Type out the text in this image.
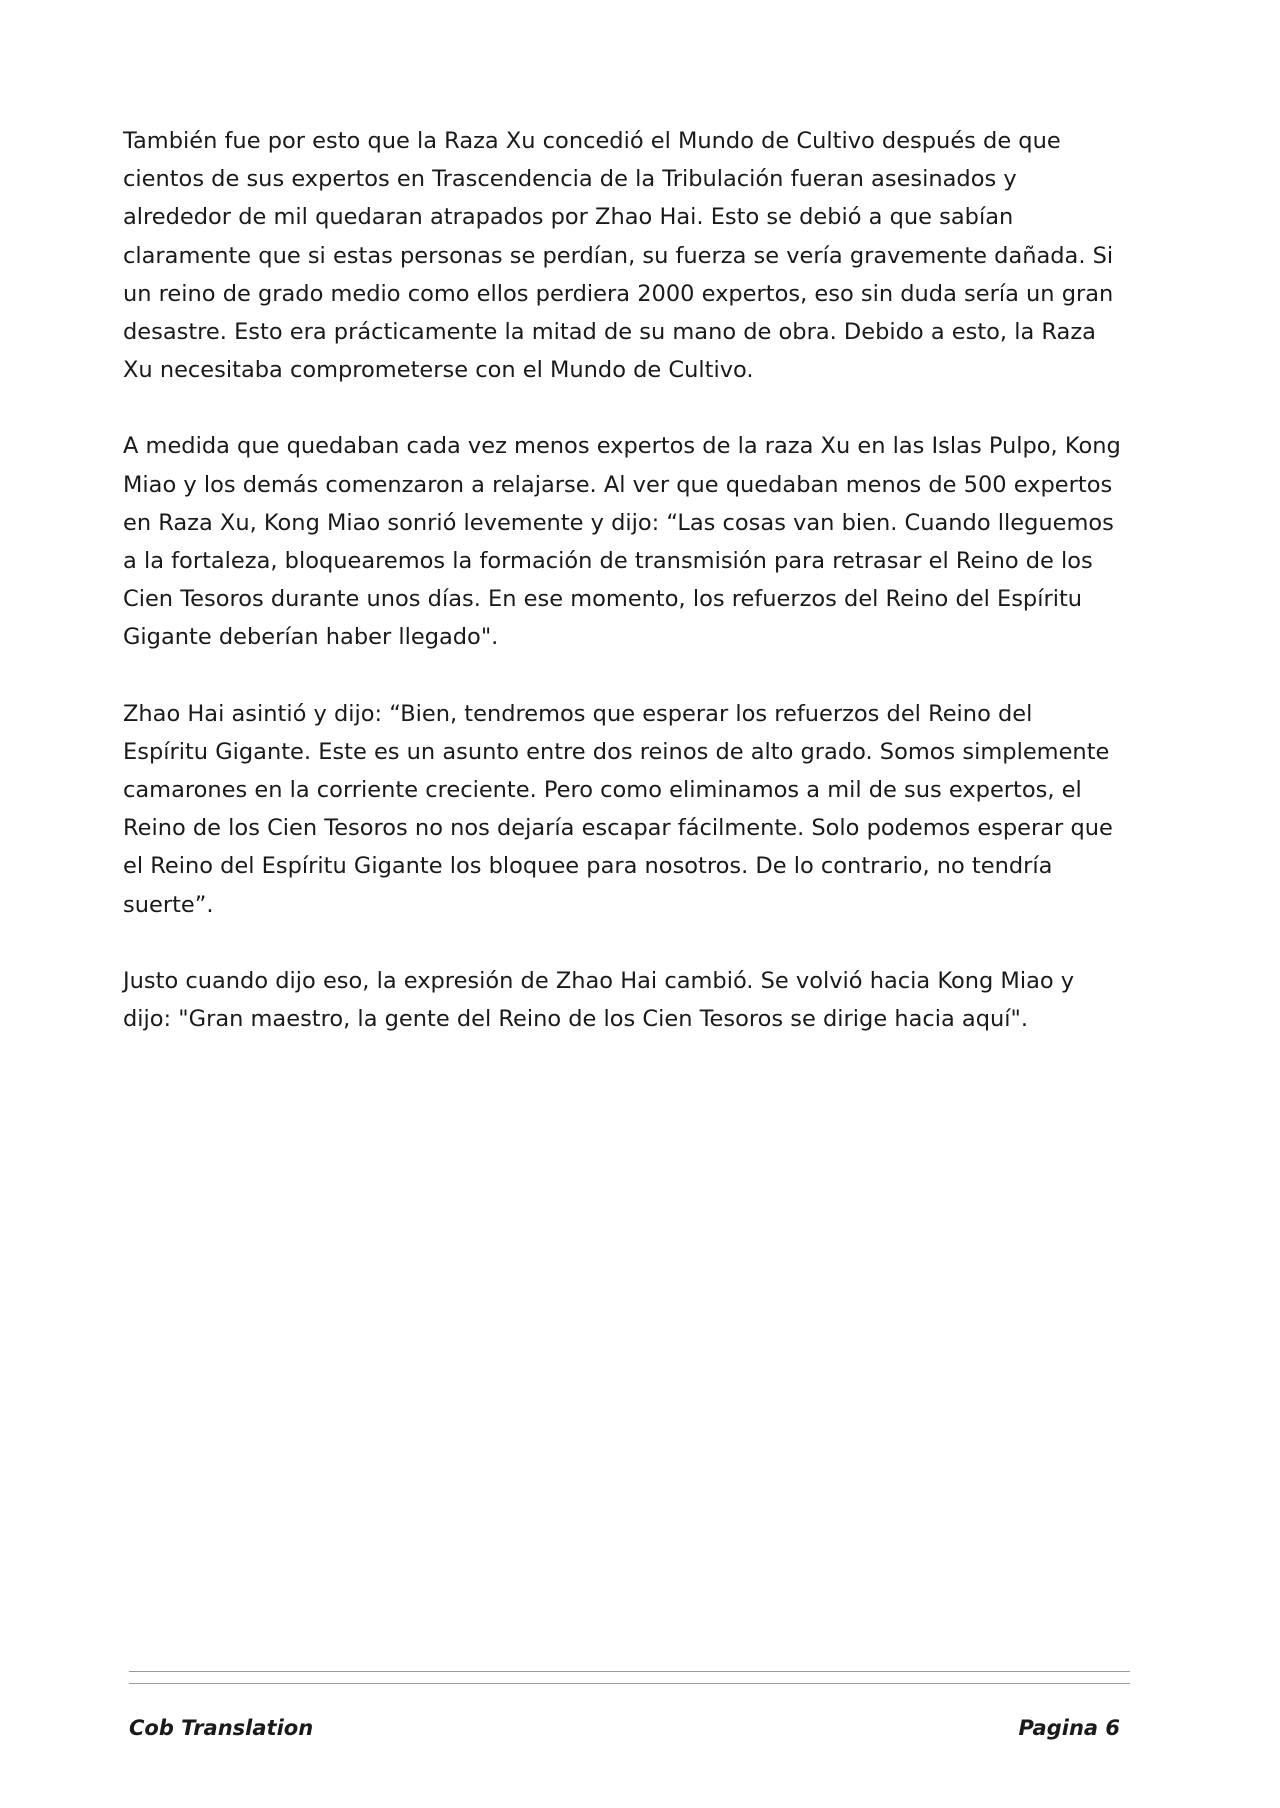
También fue por esto que la Raza Xu concedió el Mundo de Cultivo después de que cientos de sus expertos en Trascendencia de la Tribulación fueran asesinados y alrededor de mil quedaran atrapados por Zhao Hai. Esto se debió a que sabían claramente que si estas personas se perdían, su fuerza se vería gravemente dañada. Si un reino de grado medio como ellos perdiera 2000 expertos, eso sin duda sería un gran desastre. Esto era prácticamente la mitad de su mano de obra. Debido a esto, la Raza Xu necesitaba comprometerse con el Mundo de Cultivo.

A medida que quedaban cada vez menos expertos de la raza Xu en las Islas Pulpo, Kong Miao y los demás comenzaron a relajarse. Al ver que quedaban menos de 500 expertos en Raza Xu, Kong Miao sonrió levemente y dijo: “Las cosas van bien. Cuando lleguemos a la fortaleza, bloquearemos la formación de transmisión para retrasar el Reino de los Cien Tesoros durante unos días. En ese momento, los refuerzos del Reino del Espíritu Gigante deberían haber llegado".

Zhao Hai asintió y dijo: “Bien, tendremos que esperar los refuerzos del Reino del Espíritu Gigante. Este es un asunto entre dos reinos de alto grado. Somos simplemente camarones en la corriente creciente. Pero como eliminamos a mil de sus expertos, el Reino de los Cien Tesoros no nos dejaría escapar fácilmente. Solo podemos esperar que el Reino del Espíritu Gigante los bloquee para nosotros. De lo contrario, no tendría suerte”.

Justo cuando dijo eso, la expresión de Zhao Hai cambió. Se volvió hacia Kong Miao y dijo: "Gran maestro, la gente del Reino de los Cien Tesoros se dirige hacia aquí".

Cob Translation	Pagina 6
